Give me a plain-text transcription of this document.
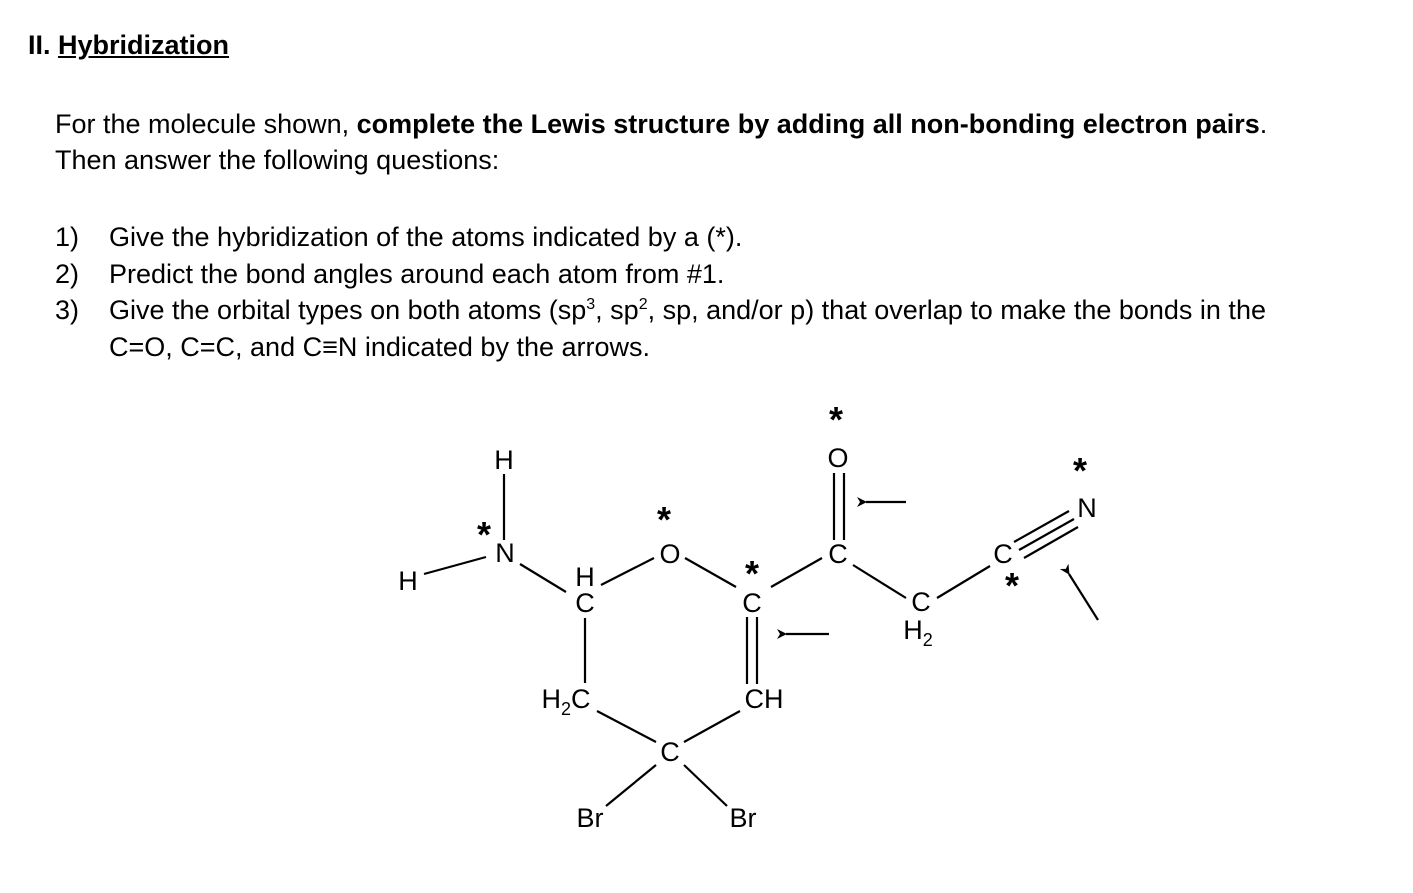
II. Hybridization
For the molecule shown, complete the Lewis structure by adding all non-bonding electron pairs.
Then answer the following questions:
1) Give the hybridization of the atoms indicated by a (*).
2) Predict the bond angles around each atom from #1.
3) Give the orbital types on both atoms ($sp^3$, $sp^2$, sp, and/or p) that overlap to make the bonds in the
C=O, C=C, and C≡N indicated by the arrows.
H
H
N
H
C
O
C
C
O
C
$H_2$
C
N
$H_2C$	CH
C
Br	Br
*	*
*
*
*
*
